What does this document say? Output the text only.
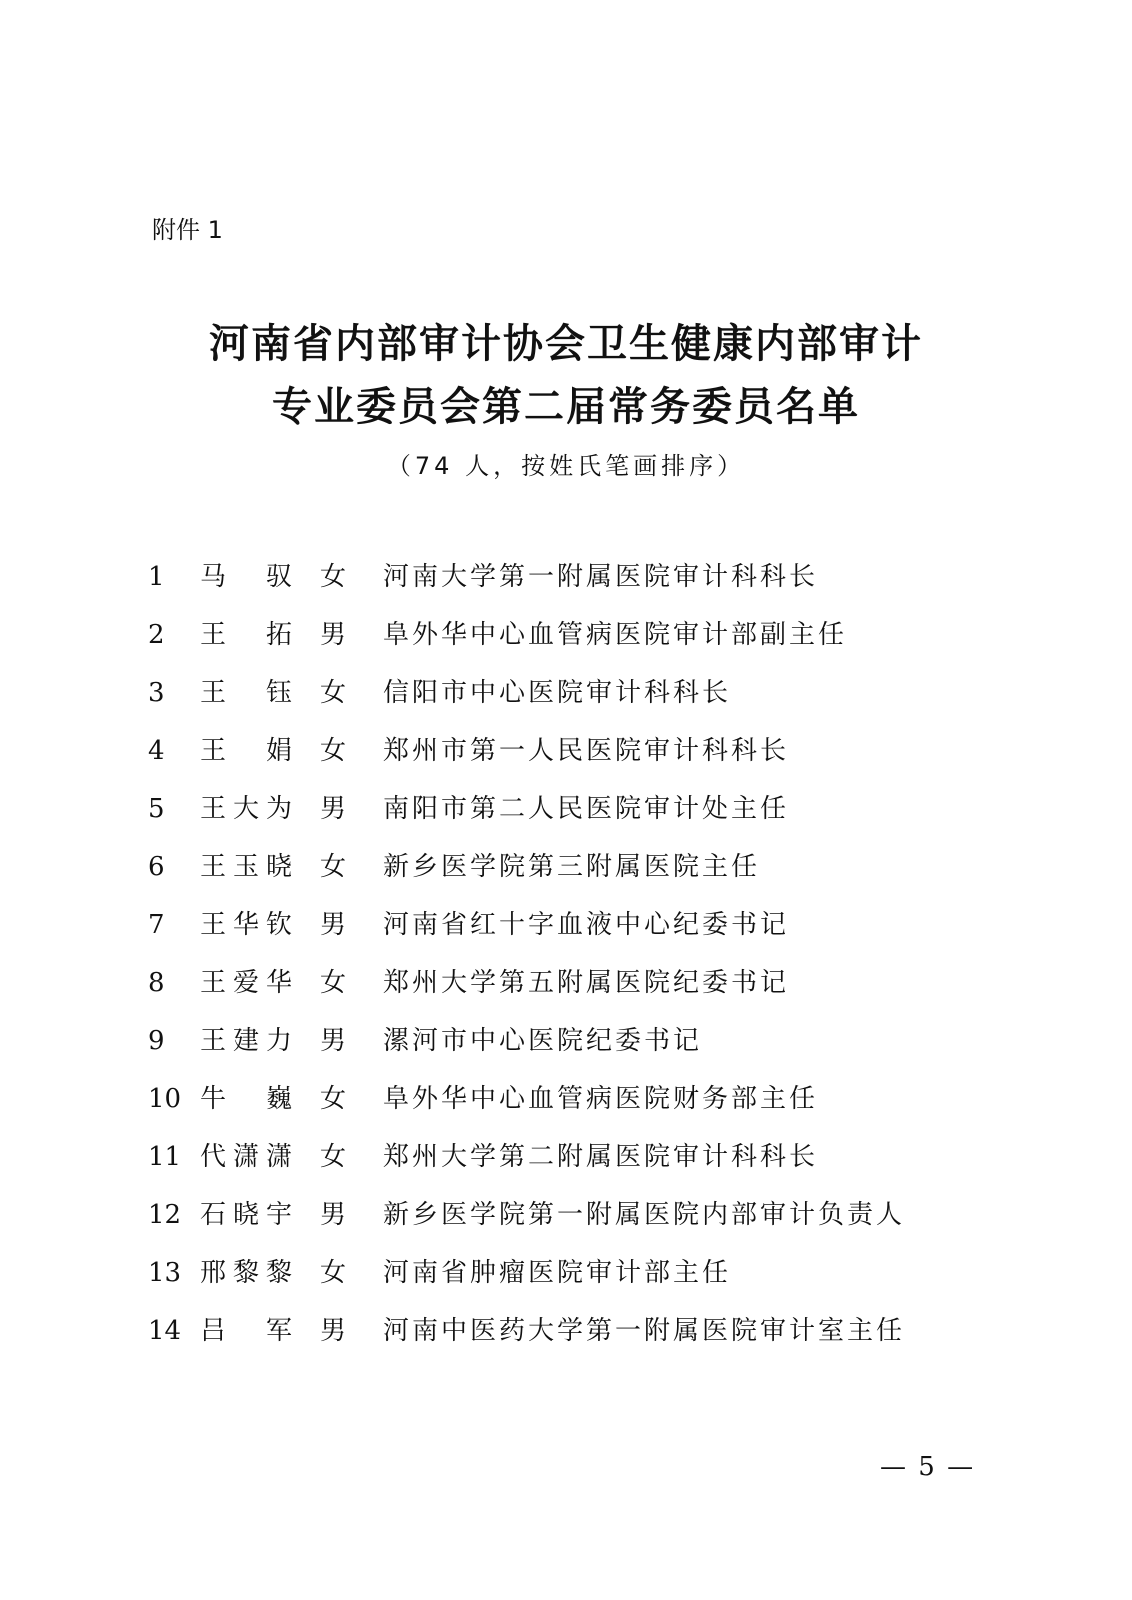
附件 1
河南省内部审计协会卫生健康内部审计
专业委员会第二届常务委员名单
（74 人，按姓氏笔画排序）
1	马 驭 女 河南大学第一附属医院审计科科长
2	王 拓 男 阜外华中心血管病医院审计部副主任
3	王 钰 女 信阳市中心医院审计科科长
4	王 娟 女 郑州市第一人民医院审计科科长
5	王 大 为 男 南阳市第二人民医院审计处主任
6	王 玉 晓 女 新乡医学院第三附属医院主任
7	王 华 钦 男 河南省红十字血液中心纪委书记
8	王 爱 华 女 郑州大学第五附属医院纪委书记
9	王 建 力 男 漯河市中心医院纪委书记
10 牛 巍 女 阜外华中心血管病医院财务部主任
11 代 潇 潇 女 郑州大学第二附属医院审计科科长
12 石 晓 宇 男 新乡医学院第一附属医院内部审计负责人
13 邢 黎 黎 女 河南省肿瘤医院审计部主任
14 吕 军 男 河南中医药大学第一附属医院审计室主任
— 5 —
